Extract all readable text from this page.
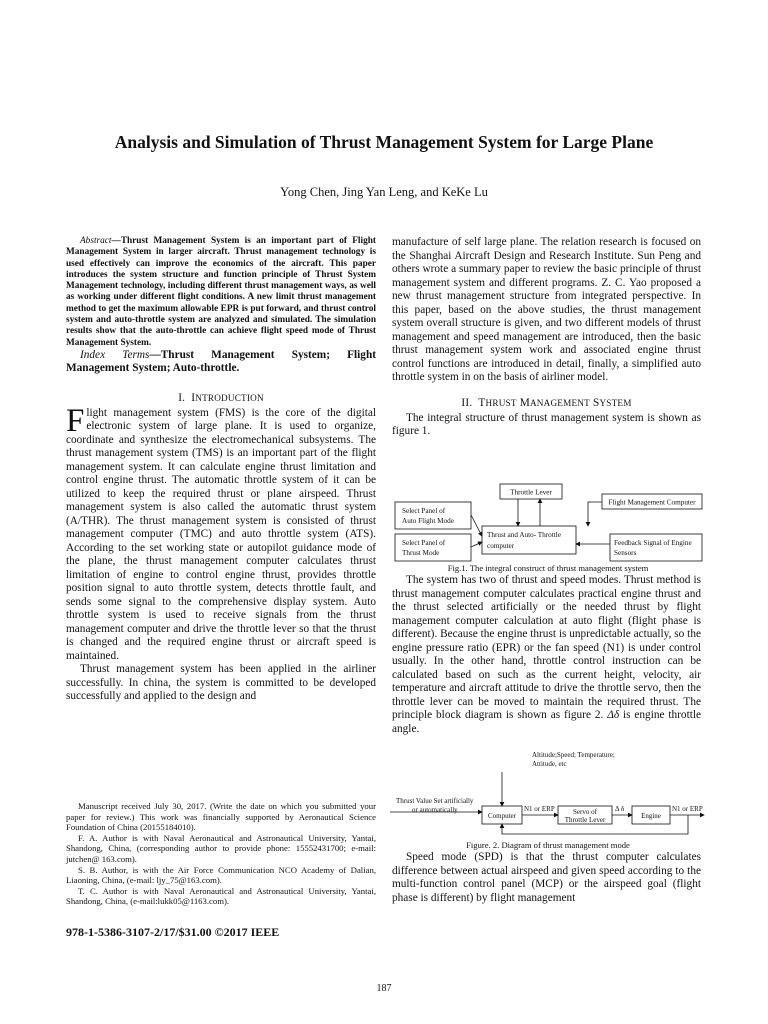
Analysis and Simulation of Thrust Management System for Large Plane
Yong Chen, Jing Yan Leng, and KeKe Lu

Abstract—Thrust Management System is an important part of Flight Management System in larger aircraft. Thrust management technology is used effectively can improve the economics of the aircraft. This paper introduces the system structure and function principle of Thrust System Management technology, including different thrust management ways, as well as working under different flight conditions. A new limit thrust management method to get the maximum allowable EPR is put forward, and thrust control system and auto-throttle system are analyzed and simulated. The simulation results show that the auto-throttle can achieve flight speed mode of Thrust Management System.

Index Terms—Thrust Management System; Flight Management System; Auto-throttle.

I. INTRODUCTION

Flight management system (FMS) is the core of the digital electronic system of large plane. It is used to organize, coordinate and synthesize the electromechanical subsystems. The thrust management system (TMS) is an important part of the flight management system. It can calculate engine thrust limitation and control engine thrust. The automatic throttle system of it can be utilized to keep the required thrust or plane airspeed. Thrust management system is also called the automatic thrust system (A/THR). The thrust management system is consisted of thrust management computer (TMC) and auto throttle system (ATS). According to the set working state or autopilot guidance mode of the plane, the thrust management computer calculates thrust limitation of engine to control engine thrust, provides throttle position signal to auto throttle system, detects throttle fault, and sends some signal to the comprehensive display system. Auto throttle system is used to receive signals from the thrust management computer and drive the throttle lever so that the thrust is changed and the required engine thrust or aircraft speed is maintained.

Thrust management system has been applied in the airliner successfully. In china, the system is committed to be developed successfully and applied to the design and

Manuscript received July 30, 2017. (Write the date on which you submitted your paper for review.) This work was financially supported by Aeronautical Science Foundation of China (20155184010).

F. A. Author is with Naval Aeronautical and Astronautical University, Yantai, Shandong, China, (corresponding author to provide phone: 15552431700; e-mail: jutchen@ 163.com).

S. B. Author, is with the Air Force Communication NCO Academy of Dalian, Liaoning, China, (e-mail: ljy_75@163.com).

T. C. Author is with Naval Aeronautical and Astronautical University, Yantai, Shandong, China, (e-mail:lukk05@1163.com).

978-1-5386-3107-2/17/$31.00 ©2017 IEEE

manufacture of self large plane. The relation research is focused on the Shanghai Aircraft Design and Research Institute. Sun Peng and others wrote a summary paper to review the basic principle of thrust management system and different programs. Z. C. Yao proposed a new thrust management structure from integrated perspective. In this paper, based on the above studies, the thrust management system overall structure is given, and two different models of thrust management and speed management are introduced, then the basic thrust management system work and associated engine thrust control functions are introduced in detail, finally, a simplified auto throttle system in on the basis of airliner model.

II. THRUST MANAGEMENT SYSTEM

The integral structure of thrust management system is shown as figure 1.

Throttle Lever
Flight Management Computer
Select Panel of
Auto Flight Mode
Thrust and Auto- Throttle
computer
Select Panel of
Thrust Mode
Feedback Signal of Engine
Sensors
Fig.1. The integral construct of thrust management system
The system has two of thrust and speed modes. Thrust method is thrust management computer calculates practical engine thrust and the thrust selected artificially or the needed thrust by flight management computer calculation at auto flight (flight phase is different). Because the engine thrust is unpredictable actually, so the engine pressure ratio (EPR) or the fan speed (N1) is under control usually. In the other hand, throttle control instruction can be calculated based on such as the current height, velocity, air temperature and aircraft attitude to drive the throttle servo, then the throttle lever can be moved to maintain the required thrust. The principle block diagram is shown as figure 2. Δδ is engine throttle angle.
Altitude;Speed; Temperature;
Attitude, etc
Thrust Value Set artificially
or automatically
Computer
N1 or ERP	Servo of
Throttle Lever
Δ δ
Engine
N1 or ERP
Figure. 2. Diagram of thrust management mode
Speed mode (SPD) is that the thrust computer calculates difference between actual airspeed and given speed according to the multi-function control panel (MCP) or the airspeed goal (flight phase is different) by flight management
187
